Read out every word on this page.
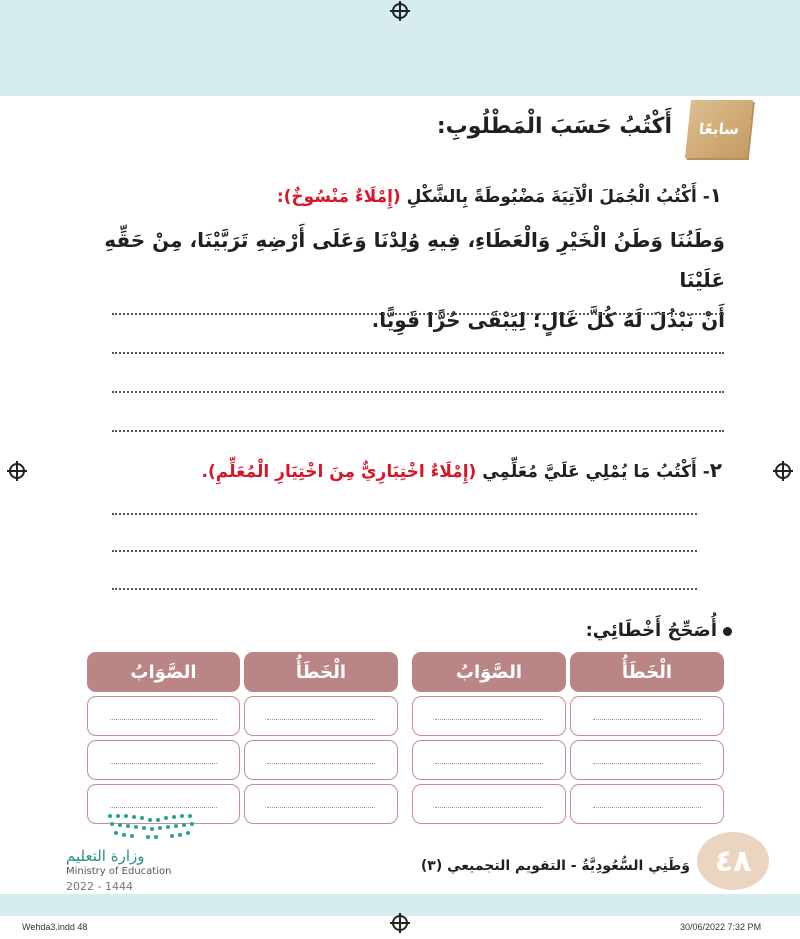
سابعًا
أَكْتُبُ حَسَبَ الْمَطْلُوبِ:
١- أَكْتُبُ الْجُمَلَ الْآتِيَةَ مَضْبُوطَةً بِالشَّكْلِ (إِمْلَاءٌ مَنْسُوخٌ):
وَطَنُنَا وَطَنُ الْخَيْرِ وَالْعَطَاءِ، فِيهِ وُلِدْنَا وَعَلَى أَرْضِهِ تَرَبَّيْنَا، مِنْ حَقِّهِ عَلَيْنَا
أَنْ نَبْذُلَ لَهُ كُلَّ غَالٍ؛ لِيَبْقَى حُرًّا قَوِيًّا.
٢- أَكْتُبُ مَا يُمْلِي عَلَيَّ مُعَلِّمِي (إِمْلَاءٌ اخْتِبَارِيٌّ مِنَ اخْتِيَارِ الْمُعَلِّمِ).
أُصَحِّحُ أَخْطَائِي:
الْخَطَأُ
الصَّوَابُ
الْخَطَأُ
الصَّوَابُ
وزارة التعليم
Ministry of Education
2022 - 1444
وَطَنِي السُّعُودِيَّةُ - التقويم التجميعي (٣) ٤٨
Wehda3.indd 48	30/06/2022 7:32 PM
